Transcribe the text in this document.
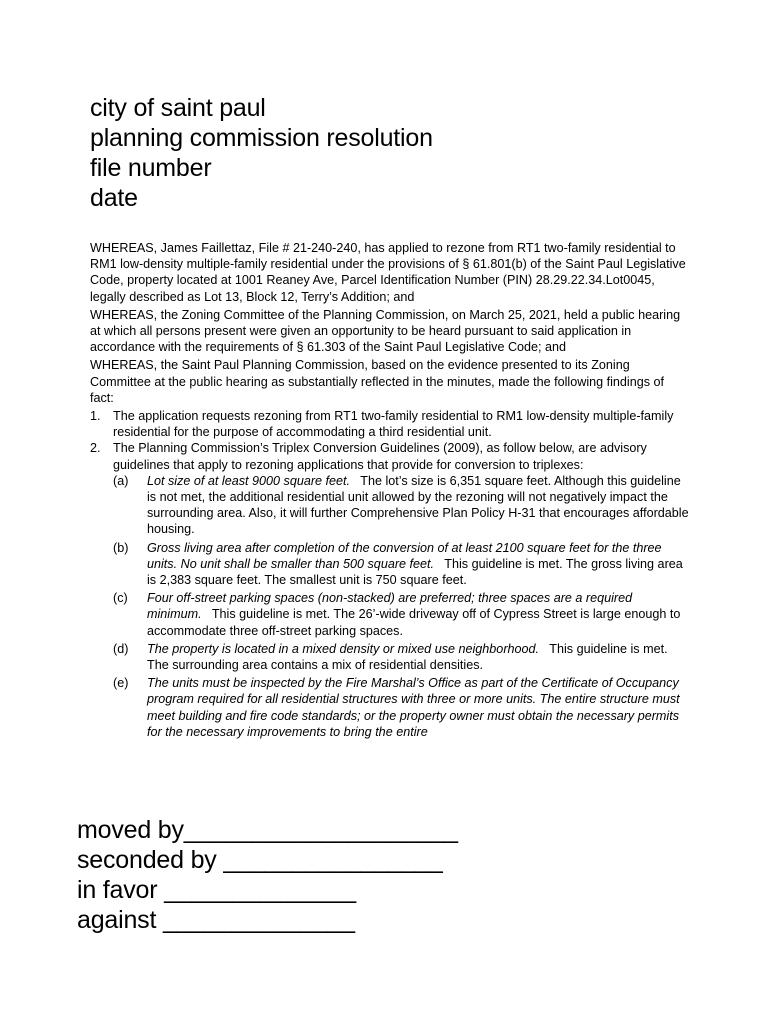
city of saint paul
planning commission resolution
file number
date

WHEREAS, James Faillettaz, File # 21-240-240, has applied to rezone from RT1 two-family residential to RM1 low-density multiple-family residential under the provisions of § 61.801(b) of the Saint Paul Legislative Code, property located at 1001 Reaney Ave, Parcel Identification Number (PIN) 28.29.22.34.Lot0045, legally described as Lot 13, Block 12, Terry’s Addition; and

WHEREAS, the Zoning Committee of the Planning Commission, on March 25, 2021, held a public hearing at which all persons present were given an opportunity to be heard pursuant to said application in accordance with the requirements of § 61.303 of the Saint Paul Legislative Code; and

WHEREAS, the Saint Paul Planning Commission, based on the evidence presented to its Zoning Committee at the public hearing as substantially reflected in the minutes, made the following findings of fact:

1. The application requests rezoning from RT1 two-family residential to RM1 low-density multiple-family residential for the purpose of accommodating a third residential unit.
2. The Planning Commission’s Triplex Conversion Guidelines (2009), as follow below, are advisory guidelines that apply to rezoning applications that provide for conversion to triplexes:
(a) Lot size of at least 9000 square feet.   The lot’s size is 6,351 square feet. Although this guideline is not met, the additional residential unit allowed by the rezoning will not negatively impact the surrounding area. Also, it will further Comprehensive Plan Policy H-31 that encourages affordable housing.
(b) Gross living area after completion of the conversion of at least 2100 square feet for the three units. No unit shall be smaller than 500 square feet.   This guideline is met. The gross living area is 2,383 square feet. The smallest unit is 750 square feet.
(c) Four off-street parking spaces (non-stacked) are preferred; three spaces are a required minimum.   This guideline is met. The 26’-wide driveway off of Cypress Street is large enough to accommodate three off-street parking spaces.
(d) The property is located in a mixed density or mixed use neighborhood.   This guideline is met. The surrounding area contains a mix of residential densities.
(e) The units must be inspected by the Fire Marshal’s Office as part of the Certificate of Occupancy program required for all residential structures with three or more units. The entire structure must meet building and fire code standards; or the property owner must obtain the necessary permits for the necessary improvements to bring the entire
moved by____________________
seconded by ________________
in favor ______________
against ______________
